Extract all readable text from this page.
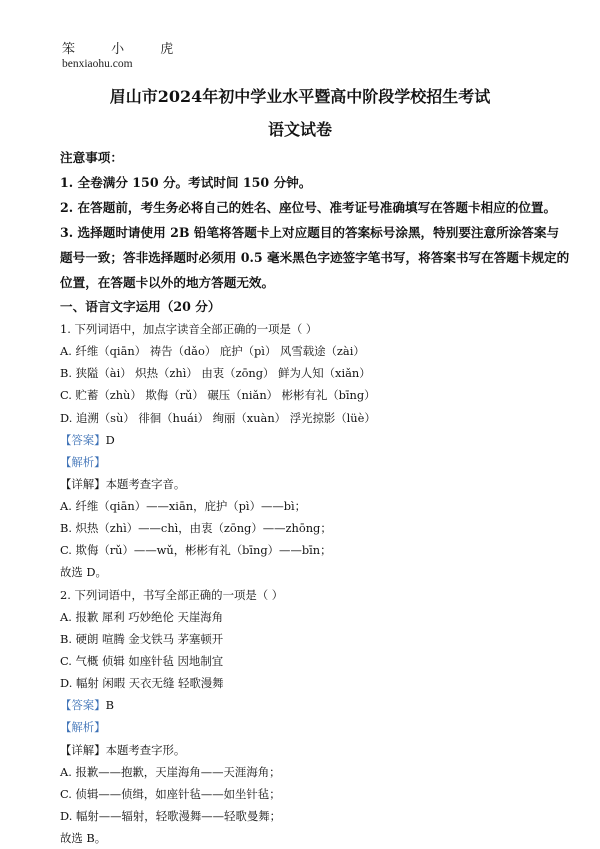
笨 小 虎
benxiaohu.com
眉山市2024年初中学业水平暨高中阶段学校招生考试
语文试卷
注意事项：
1. 全卷满分 150 分。考试时间 150 分钟。
2. 在答题前，考生务必将自己的姓名、座位号、准考证号准确填写在答题卡相应的位置。
3. 选择题时请使用 2B 铅笔将答题卡上对应题目的答案标号涂黑，特别要注意所涂答案与
题号一致；答非选择题时必须用 0.5 毫米黑色字迹签字笔书写，将答案书写在答题卡规定的
位置，在答题卡以外的地方答题无效。
一、语言文字运用（20 分）
1. 下列词语中，加点字读音全部正确的一项是（ ）
A. 纤维（qiān） 祷告（dǎo） 庇护（pì） 风雪载途（zài）
B. 狭隘（ài） 炽热（zhì） 由衷（zōng） 鲜为人知（xiǎn）
C. 贮蓄（zhù） 欺侮（rǔ） 碾压（niǎn） 彬彬有礼（bīng）
D. 追溯（sù） 徘徊（huái） 绚丽（xuàn） 浮光掠影（lüè）
【答案】D
【解析】
【详解】本题考查字音。
A. 纤维（qiān）——xiān，庇护（pì）——bì；
B. 炽热（zhì）——chì，由衷（zōng）——zhōng；
C. 欺侮（rǔ）——wǔ，彬彬有礼（bīng）——bīn；
故选 D。
2. 下列词语中，书写全部正确的一项是（ ）
A. 报歉 犀利 巧妙绝伦 天崖海角
B. 硬朗 喧腾 金戈铁马 茅塞顿开
C. 气概 侦辑 如座针毡 因地制宜
D. 幅射 闲暇 天衣无缝 轻歌漫舞
【答案】B
【解析】
【详解】本题考查字形。
A. 报歉——抱歉，天崖海角——天涯海角；
C. 侦辑——侦缉，如座针毡——如坐针毡；
D. 幅射——辐射，轻歌漫舞——轻歌曼舞；
故选 B。
